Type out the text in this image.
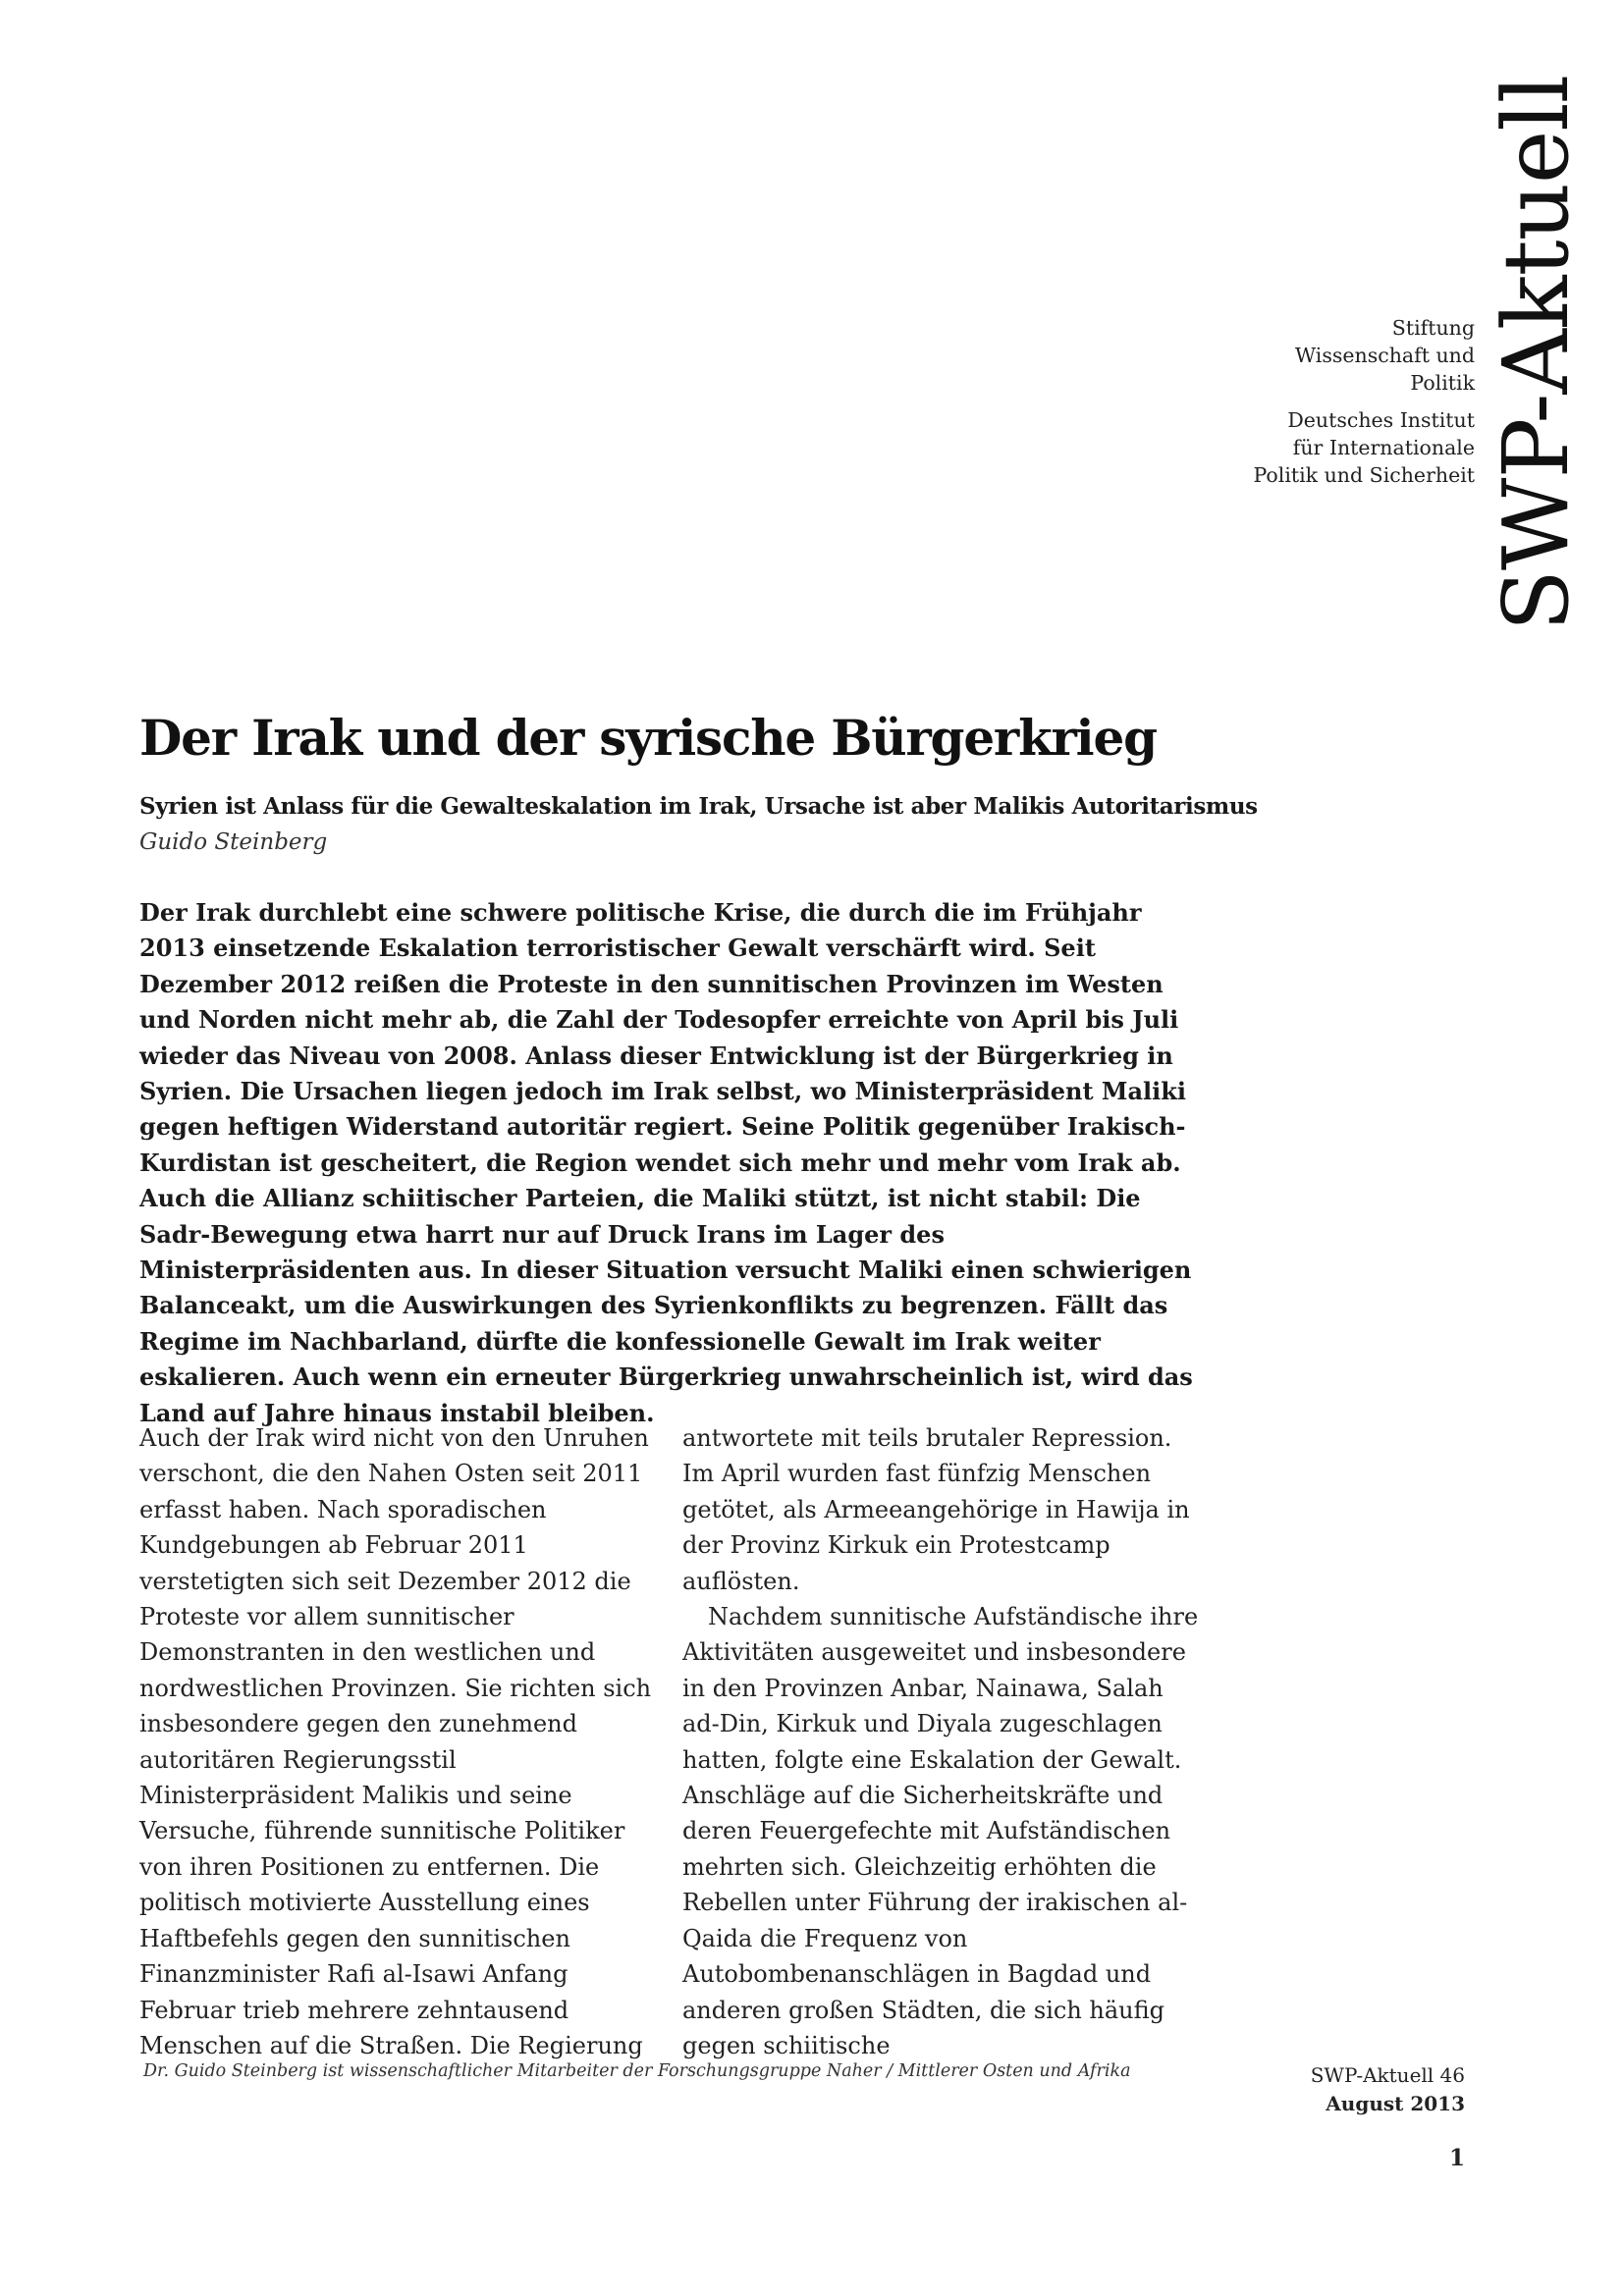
SWP-Aktuell
Stiftung
Wissenschaft und
Politik
Deutsches Institut
für Internationale
Politik und Sicherheit
Der Irak und der syrische Bürgerkrieg
Syrien ist Anlass für die Gewalteskalation im Irak, Ursache ist aber Malikis Autoritarismus
Guido Steinberg
Der Irak durchlebt eine schwere politische Krise, die durch die im Frühjahr 2013 einsetzende Eskalation terroristischer Gewalt verschärft wird. Seit Dezember 2012 reißen die Proteste in den sunnitischen Provinzen im Westen und Norden nicht mehr ab, die Zahl der Todesopfer erreichte von April bis Juli wieder das Niveau von 2008. Anlass dieser Entwicklung ist der Bürgerkrieg in Syrien. Die Ursachen liegen jedoch im Irak selbst, wo Ministerpräsident Maliki gegen heftigen Widerstand autoritär regiert. Seine Politik gegenüber Irakisch-Kurdistan ist gescheitert, die Region wendet sich mehr und mehr vom Irak ab. Auch die Allianz schiitischer Parteien, die Maliki stützt, ist nicht stabil: Die Sadr-Bewegung etwa harrt nur auf Druck Irans im Lager des Ministerpräsidenten aus. In dieser Situation versucht Maliki einen schwierigen Balanceakt, um die Auswirkungen des Syrienkonflikts zu begrenzen. Fällt das Regime im Nachbarland, dürfte die konfessionelle Gewalt im Irak weiter eskalieren. Auch wenn ein erneuter Bürgerkrieg unwahrscheinlich ist, wird das Land auf Jahre hinaus instabil bleiben.

Auch der Irak wird nicht von den Unruhen verschont, die den Nahen Osten seit 2011 erfasst haben. Nach sporadischen Kundgebungen ab Februar 2011 verstetigten sich seit Dezember 2012 die Proteste vor allem sunnitischer Demonstranten in den westlichen und nordwestlichen Provinzen. Sie richten sich insbesondere gegen den zunehmend autoritären Regierungsstil Ministerpräsident Malikis und seine Versuche, führende sunnitische Politiker von ihren Positionen zu entfernen. Die politisch motivierte Ausstellung eines Haftbefehls gegen den sunnitischen Finanzminister Rafi al-Isawi Anfang Februar trieb mehrere zehntausend Menschen auf die Straßen. Die Regierung

antwortete mit teils brutaler Repression. Im April wurden fast fünfzig Menschen getötet, als Armeeangehörige in Hawija in der Provinz Kirkuk ein Protestcamp auflösten.

Nachdem sunnitische Aufständische ihre Aktivitäten ausgeweitet und insbesondere in den Provinzen Anbar, Nainawa, Salah ad-Din, Kirkuk und Diyala zugeschlagen hatten, folgte eine Eskalation der Gewalt. Anschläge auf die Sicherheitskräfte und deren Feuergefechte mit Aufständischen mehrten sich. Gleichzeitig erhöhten die Rebellen unter Führung der irakischen al-Qaida die Frequenz von Autobombenanschlägen in Bagdad und anderen großen Städten, die sich häufig gegen schiitische

Dr. Guido Steinberg ist wissenschaftlicher Mitarbeiter der Forschungsgruppe Naher / Mittlerer Osten und Afrika	SWP-Aktuell 46
August 2013
1
